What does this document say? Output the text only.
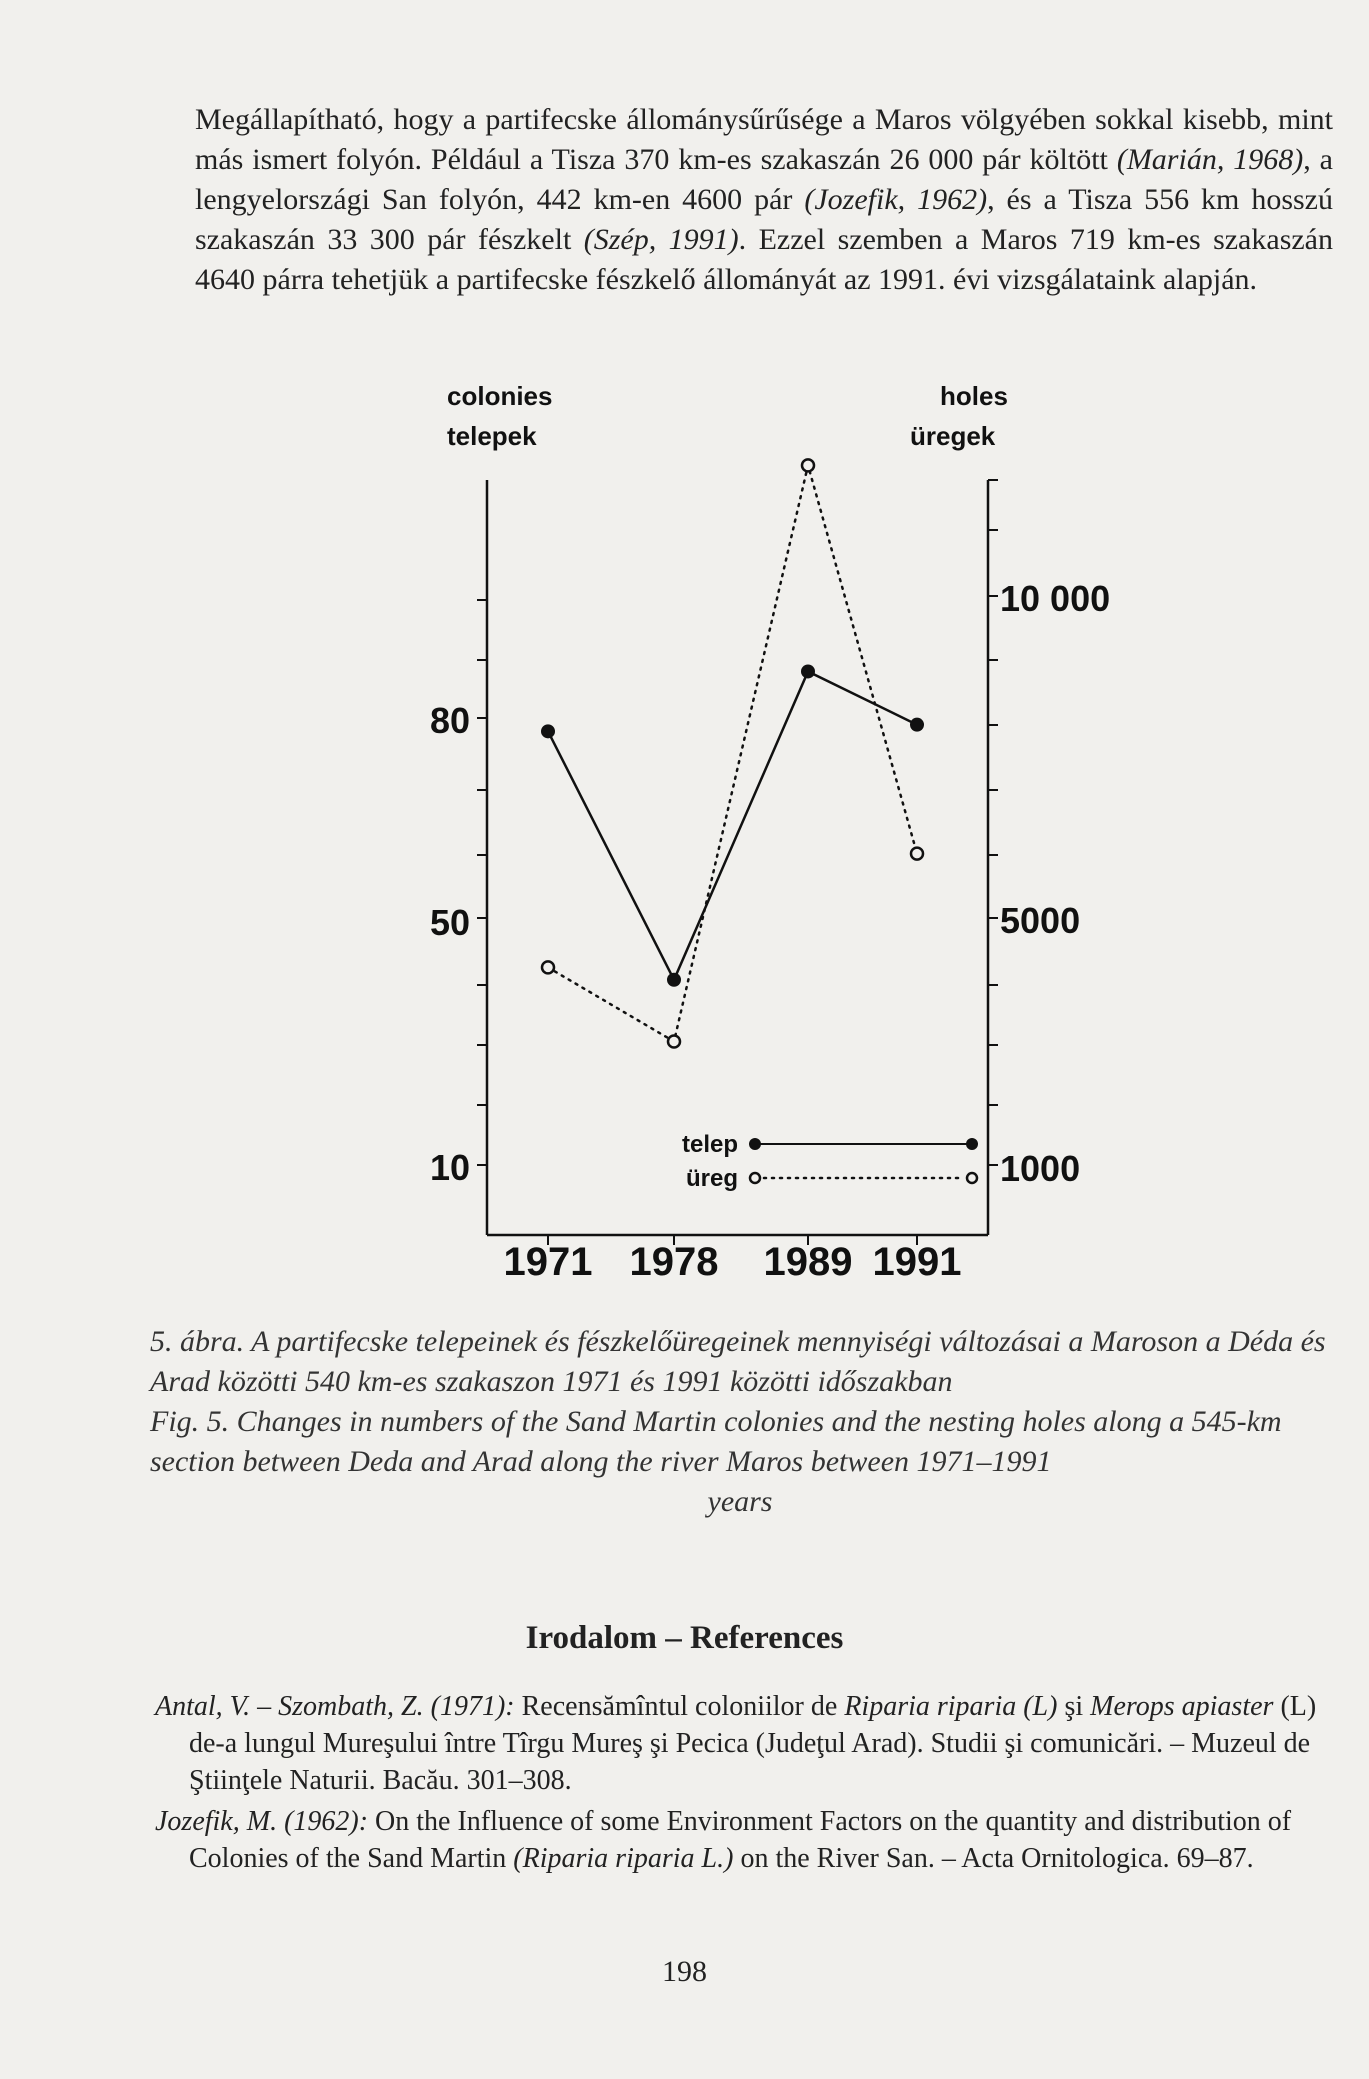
Megállapítható, hogy a partifecske állománysűrűsége a Maros völgyében sokkal kisebb, mint más ismert folyón. Például a Tisza 370 km-es szakaszán 26 000 pár költött (Marián, 1968), a lengyelországi San folyón, 442 km-en 4600 pár (Jozefik, 1962), és a Tisza 556 km hosszú szakaszán 33 300 pár fészkelt (Szép, 1991). Ezzel szemben a Maros 719 km-es szakaszán 4640 párra tehetjük a partifecske fészkelő állományát az 1991. évi vizsgálataink alapján.

colonies
telepek
holes
üregek
80
50
10
10 000
5000
1000
1971 1978 1989 1991
telep
üreg

5. ábra. A partifecske telepeinek és fészkelőüregeinek mennyiségi változásai a Maroson a Déda és Arad közötti 540 km-es szakaszon 1971 és 1991 közötti időszakban

Fig. 5. Changes in numbers of the Sand Martin colonies and the nesting holes along a 545-km section between Deda and Arad along the river Maros between 1971–1991

years

Irodalom – References

Antal, V. – Szombath, Z. (1971): Recensămîntul coloniilor de Riparia riparia (L) şi Merops apiaster (L) de-a lungul Mureşului între Tîrgu Mureş şi Pecica (Judeţul Arad). Studii şi comunicări. – Muzeul de Ştiinţele Naturii. Bacău. 301–308.

Jozefik, M. (1962): On the Influence of some Environment Factors on the quantity and distribution of Colonies of the Sand Martin (Riparia riparia L.) on the River San. – Acta Ornitologica. 69–87.

198
